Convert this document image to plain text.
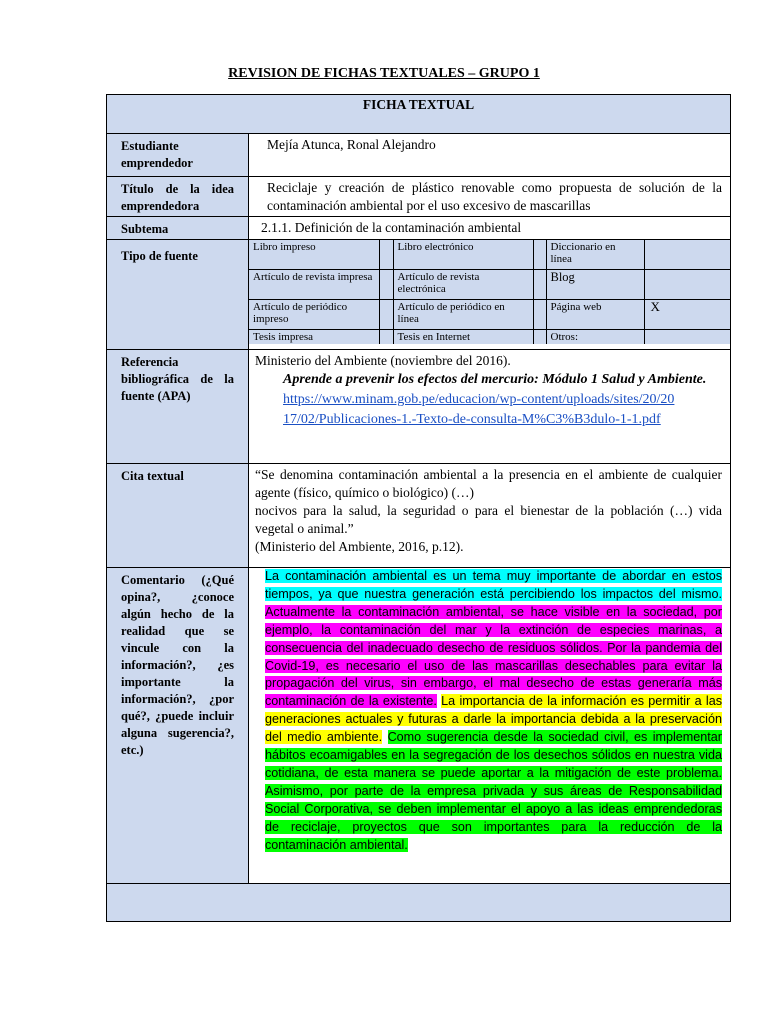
REVISION DE FICHAS TEXTUALES – GRUPO 1
FICHA TEXTUAL
Estudiante emprendedor	Mejía Atunca, Ronal Alejandro
Título de la idea emprendedora	Reciclaje y creación de plástico renovable como propuesta de solución de la contaminación ambiental por el uso excesivo de mascarillas
Subtema	2.1.1. Definición de la contaminación ambiental
Tipo de fuente	
Libro impreso		Libro electrónico		Diccionario en línea	
Artículo de revista impresa		Artículo de revista electrónica		Blog	
Artículo de periódico impreso		Artículo de periódico en línea		Página web	X
Tesis impresa		Tesis en Internet		Otros:	

Referencia bibliográfica de la fuente (APA)	
Ministerio del Ambiente (noviembre del 2016).
Aprende a prevenir los efectos del mercurio: Módulo 1 Salud y Ambiente.
https://www.minam.gob.pe/educacion/wp-content/uploads/sites/20/20
17/02/Publicaciones-1.-Texto-de-consulta-M%C3%B3dulo-1-1.pdf

Cita textual	“Se denomina contaminación ambiental a la presencia en el ambiente de cualquier agente (físico, químico o biológico) (…)
nocivos para la salud, la seguridad o para el bienestar de la población (…) vida vegetal o animal.”
(Ministerio del Ambiente, 2016, p.12).

Comentario (¿Qué opina?, ¿conoce algún hecho de la realidad que se vincule con la información?, ¿es importante la información?, ¿por qué?, ¿puede incluir alguna sugerencia?, etc.)	La contaminación ambiental es un tema muy importante de abordar en estos tiempos, ya que nuestra generación está percibiendo los impactos del mismo. Actualmente la contaminación ambiental, se hace visible en la sociedad, por ejemplo, la contaminación del mar y la extinción de especies marinas, a consecuencia del inadecuado desecho de residuos sólidos. Por la pandemia del Covid-19, es necesario el uso de las mascarillas desechables para evitar la propagación del virus, sin embargo, el mal desecho de estas generaría más contaminación de la existente. La importancia de la información es permitir a las generaciones actuales y futuras a darle la importancia debida a la preservación del medio ambiente. Como sugerencia desde la sociedad civil, es implementar hábitos ecoamigables en la segregación de los desechos sólidos en nuestra vida cotidiana, de esta manera se puede aportar a la mitigación de este problema. Asimismo, por parte de la empresa privada y sus áreas de Responsabilidad Social Corporativa, se deben implementar el apoyo a las ideas emprendedoras de reciclaje, proyectos que son importantes para la reducción de la contaminación ambiental.
